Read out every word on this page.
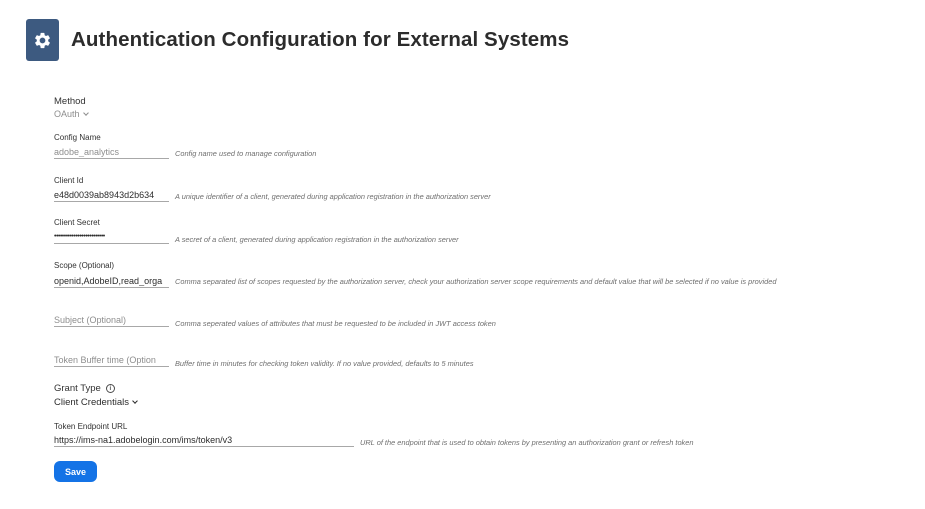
Authentication Configuration for External Systems
Method
OAuth
Config Name
adobe_analytics
Config name used to manage configuration
Client Id
e48d0039ab8943d2b634
A unique identifier of a client, generated during application registration in the authorization server
Client Secret
••••••••••••••••••••••••••
A secret of a client, generated during application registration in the authorization server
Scope (Optional)
openid,AdobeID,read_orga
Comma separated list of scopes requested by the authorization server, check your authorization server scope requirements and default value that will be selected if no value is provided
Subject (Optional)
Comma seperated values of attributes that must be requested to be included in JWT access token
Token Buffer time (Option
Buffer time in minutes for checking token validity. If no value provided, defaults to 5 minutes
Grant Type	i
Client Credentials
Token Endpoint URL
https://ims-na1.adobelogin.com/ims/token/v3
URL of the endpoint that is used to obtain tokens by presenting an authorization grant or refresh token
Save
